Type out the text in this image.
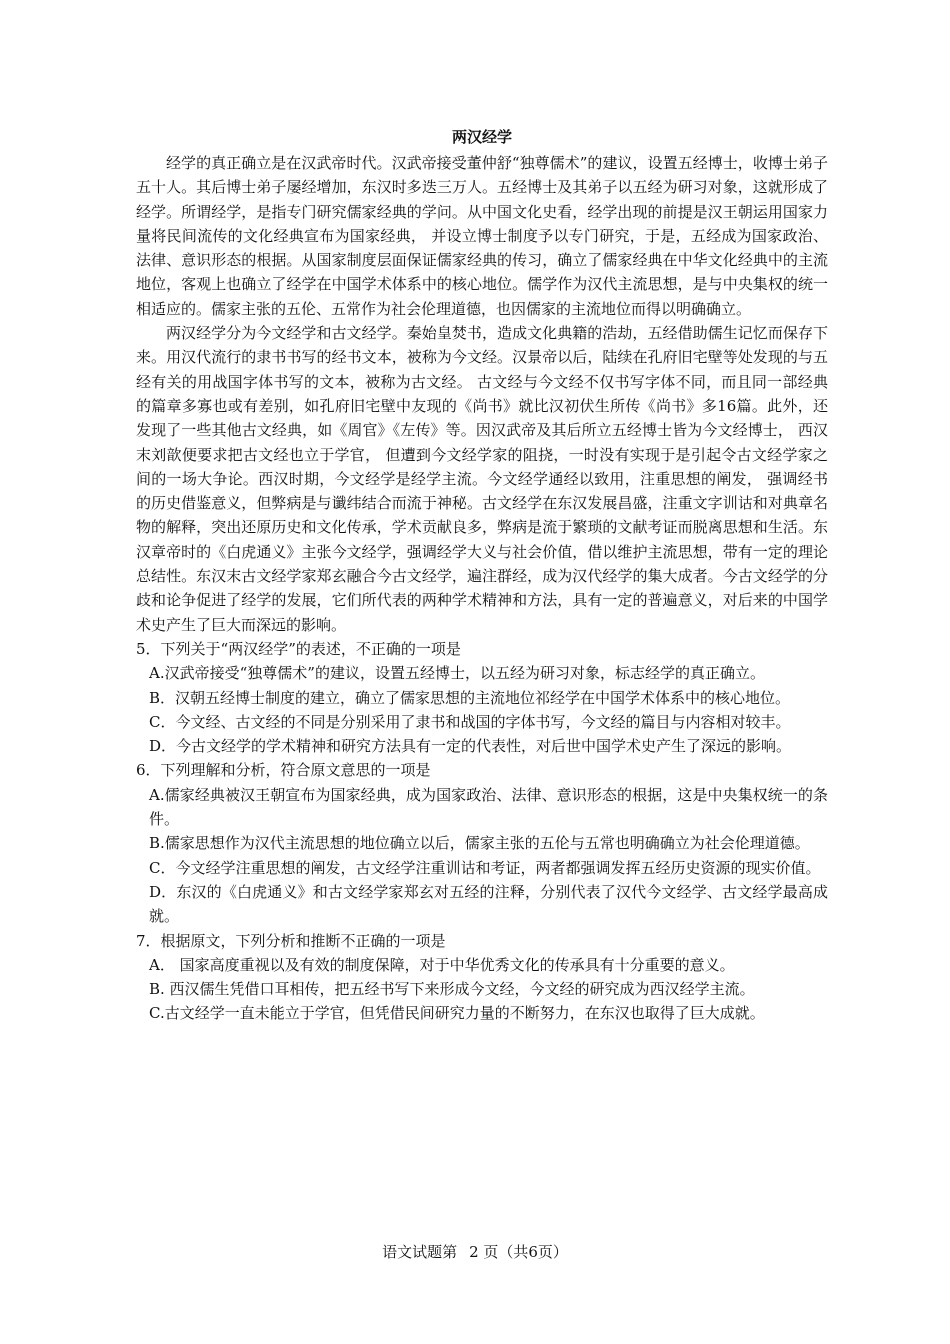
两汉经学

经学的真正确立是在汉武帝时代。汉武帝接受董仲舒“独尊儒术”的建议，设置五经博士，收博士弟子五十人。其后博士弟子屡经增加，东汉时多迭三万人。五经博士及其弟子以五经为研习对象，这就形成了经学。所谓经学，是指专门研究儒家经典的学问。从中国文化史看，经学出现的前提是汉王朝运用国家力量将民间流传的文化经典宣布为国家经典， 并设立博士制度予以专门研究，于是，五经成为国家政治、法律、意识形态的根据。从国家制度层面保证儒家经典的传习，确立了儒家经典在中华文化经典中的主流地位，客观上也确立了经学在中国学术体系中的核心地位。儒学作为汉代主流思想，是与中央集权的统一相适应的。儒家主张的五伦、五常作为社会伦理道德，也因儒家的主流地位而得以明确确立。

两汉经学分为今文经学和古文经学。秦始皇焚书，造成文化典籍的浩劫，五经借助儒生记忆而保存下来。用汉代流行的隶书书写的经书文本，被称为今文经。汉景帝以后，陆续在孔府旧宅壁等处发现的与五经有关的用战国字体书写的文本，被称为古文经。 古文经与今文经不仅书写字体不同，而且同一部经典的篇章多寡也或有差别，如孔府旧宅壁中友现的《尚书》就比汉初伏生所传《尚书》多16篇。此外，还发现了一些其他古文经典，如《周官》《左传》等。因汉武帝及其后所立五经博士皆为今文经博士， 西汉末刘歆便要求把古文经也立于学官， 但遭到今文经学家的阻挠，一时没有实现于是引起令古文经学家之间的一场大争论。西汉时期，今文经学是经学主流。今文经学通经以致用，注重思想的阐发， 强调经书的历史借鉴意义，但弊病是与谶纬结合而流于神秘。古文经学在东汉发展昌盛，注重文字训诂和对典章名物的解释，突出还原历史和文化传承，学术贡献良多，弊病是流于繁琐的文献考证而脱离思想和生活。东汉章帝时的《白虎通义》主张今文经学，强调经学大义与社会价值，借以维护主流思想，带有一定的理论总结性。东汉末古文经学家郑玄融合今古文经学，遍注群经，成为汉代经学的集大成者。今古文经学的分歧和论争促进了经学的发展，它们所代表的两种学术精神和方法，具有一定的普遍意义，对后来的中国学术史产生了巨大而深远的影响。

5．下列关于“两汉经学”的表述，不正确的一项是

A.汉武帝接受“独尊儒术”的建议，设置五经博士，以五经为研习对象，标志经学的真正确立。

B．汉朝五经博士制度的建立，确立了儒家思想的主流地位祁经学在中国学术体系中的核心地位。

C．今文经、古文经的不同是分别采用了隶书和战国的字体书写，今文经的篇目与内容相对较丰。

D．今古文经学的学术精神和研究方法具有一定的代表性，对后世中国学术史产生了深远的影响。

6．下列理解和分析，符合原文意思的一项是

A.儒家经典被汉王朝宣布为国家经典，成为国家政治、法律、意识形态的根据，这是中央集权统一的条件。

B.儒家思想作为汉代主流思想的地位确立以后，儒家主张的五伦与五常也明确确立为社会伦理道德。

C．今文经学注重思想的阐发，古文经学注重训诂和考证，两者都强调发挥五经历史资源的现实价值。

D．东汉的《白虎通义》和古文经学家郑玄对五经的注释，分别代表了汉代今文经学、古文经学最高成就。

7．根据原文，下列分析和推断不正确的一项是

A． 国家高度重视以及有效的制度保障，对于中华优秀文化的传承具有十分重要的意义。

B. 西汉儒生凭借口耳相传，把五经书写下来形成今文经，今文经的研究成为西汉经学主流。

C.古文经学一直未能立于学官，但凭借民间研究力量的不断努力，在东汉也取得了巨大成就。

语文试题第 2 页（共6页）
